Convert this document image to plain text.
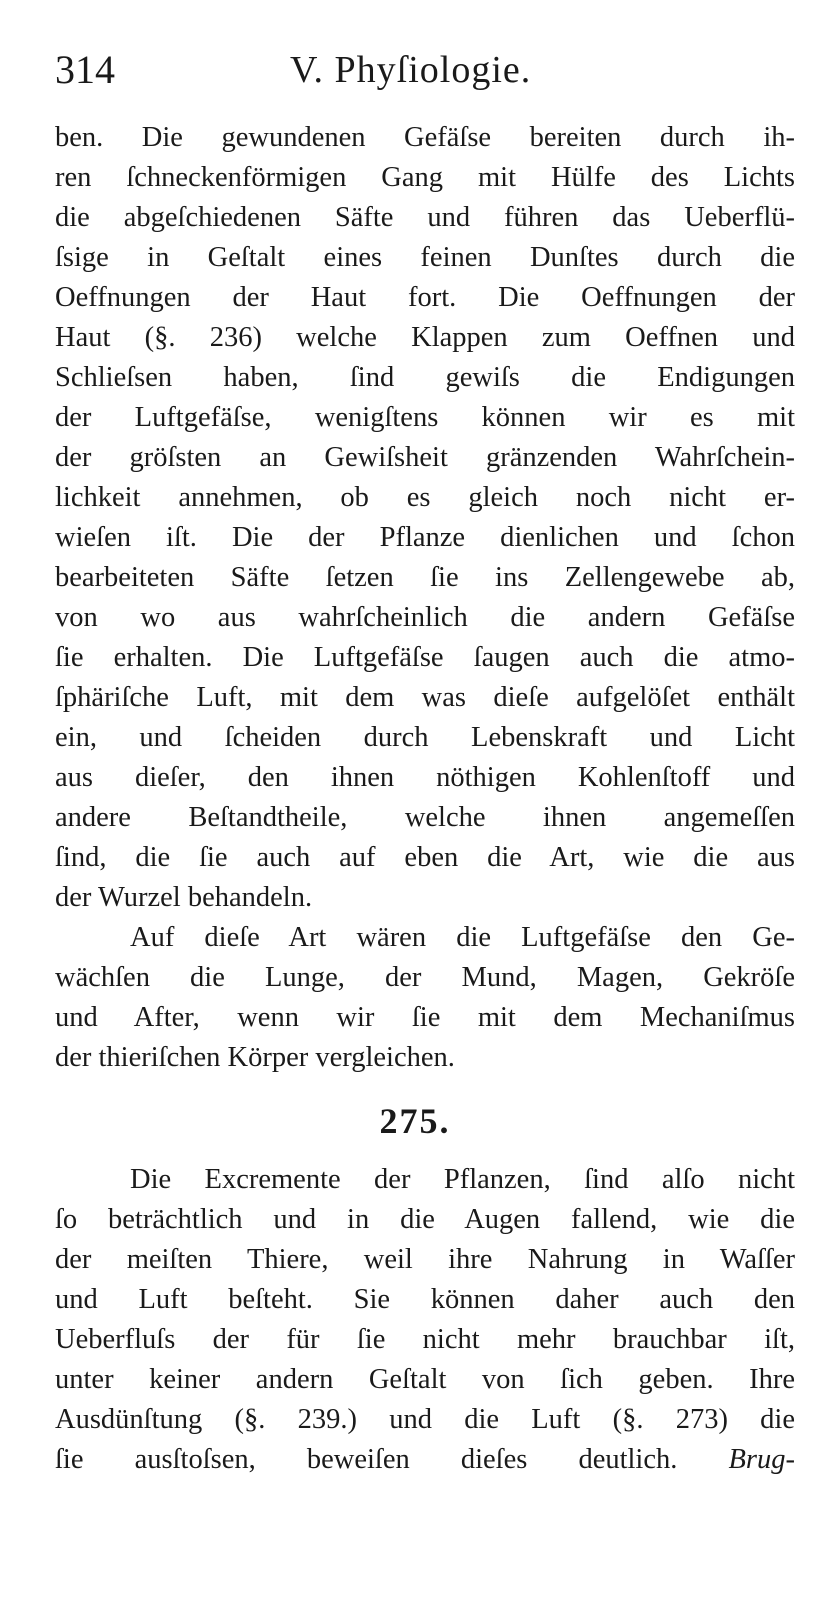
314	V. Phyſiologie.
ben. Die gewundenen Gefäſse bereiten durch ih-
ren ſchneckenförmigen Gang mit Hülfe des Lichts
die abgeſchiedenen Säfte und führen das Ueberflü-
ſsige in Geſtalt eines feinen Dunſtes durch die
Oeffnungen der Haut fort. Die Oeffnungen der
Haut (§. 236) welche Klappen zum Oeffnen und
Schlieſsen haben, ſind gewiſs die Endigungen
der Luftgefäſse, wenigſtens können wir es mit
der gröſsten an Gewiſsheit gränzenden Wahrſchein-
lichkeit annehmen, ob es gleich noch nicht er-
wieſen iſt. Die der Pflanze dienlichen und ſchon
bearbeiteten Säfte ſetzen ſie ins Zellengewebe ab,
von wo aus wahrſcheinlich die andern Gefäſse
ſie erhalten. Die Luftgefäſse ſaugen auch die atmo-
ſphäriſche Luft, mit dem was dieſe aufgelöſet enthält
ein, und ſcheiden durch Lebenskraft und Licht
aus dieſer, den ihnen nöthigen Kohlenſtoff und
andere Beſtandtheile, welche ihnen angemeſſen
ſind, die ſie auch auf eben die Art, wie die aus
der Wurzel behandeln.
Auf dieſe Art wären die Luftgefäſse den Ge-
wächſen die Lunge, der Mund, Magen, Gekröſe
und After, wenn wir ſie mit dem Mechaniſmus
der thieriſchen Körper vergleichen.
275.
Die Excremente der Pflanzen, ſind alſo nicht
ſo beträchtlich und in die Augen fallend, wie die
der meiſten Thiere, weil ihre Nahrung in Waſſer
und Luft beſteht. Sie können daher auch den
Ueberfluſs der für ſie nicht mehr brauchbar iſt,
unter keiner andern Geſtalt von ſich geben. Ihre
Ausdünſtung (§. 239.) und die Luft (§. 273) die
ſie ausſtoſsen, beweiſen dieſes deutlich. Brug-
